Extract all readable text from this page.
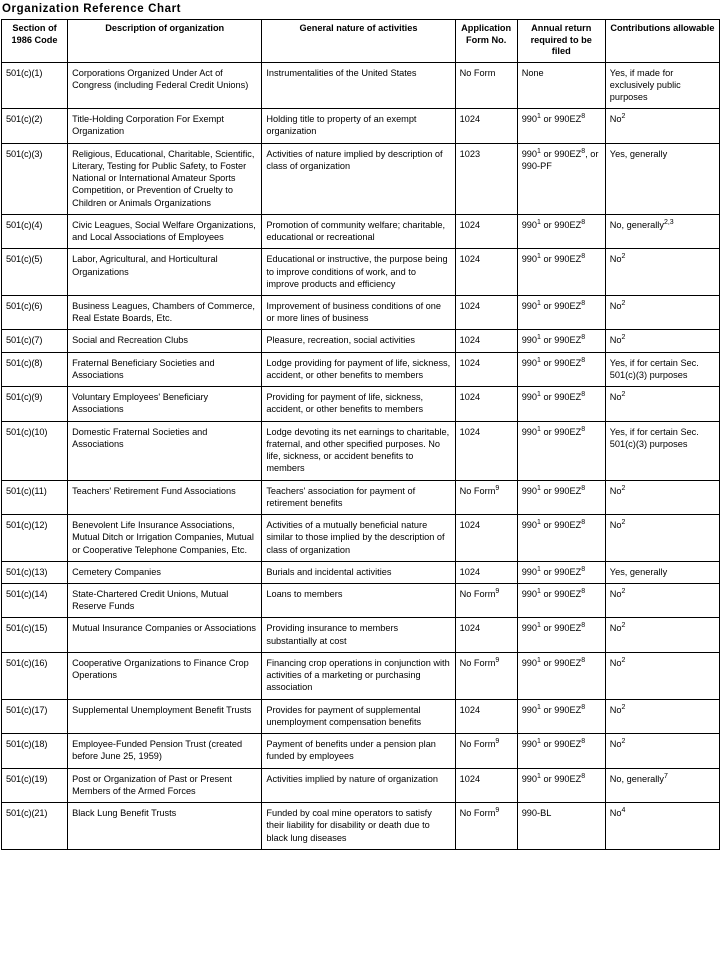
Organization Reference Chart
Section of 1986 Code	Description of organization	General nature of activities	Application Form No.	Annual return required to be filed	Contributions allowable
501(c)(1)	Corporations Organized Under Act of Congress (including Federal Credit Unions)	Instrumentalities of the United States	No Form	None	Yes, if made for exclusively public purposes
501(c)(2)	Title-Holding Corporation For Exempt Organization	Holding title to property of an exempt organization	1024	$990^1$ or $990EZ^8$	No$^2$
501(c)(3)	Religious, Educational, Charitable, Scientific, Literary, Testing for Public Safety, to Foster National or International Amateur Sports Competition, or Prevention of Cruelty to Children or Animals Organizations	Activities of nature implied by description of class of organization	1023	$990^1$ or $990EZ^8$, or 990-PF	Yes, generally
501(c)(4)	Civic Leagues, Social Welfare Organizations, and Local Associations of Employees	Promotion of community welfare; charitable, educational or recreational	1024	$990^1$ or $990EZ^8$	No, generally$^{2,3}$
501(c)(5)	Labor, Agricultural, and Horticultural Organizations	Educational or instructive, the purpose being to improve conditions of work, and to improve products and efficiency	1024	$990^1$ or $990EZ^8$	No$^2$
501(c)(6)	Business Leagues, Chambers of Commerce, Real Estate Boards, Etc.	Improvement of business conditions of one or more lines of business	1024	$990^1$ or $990EZ^8$	No$^2$
501(c)(7)	Social and Recreation Clubs	Pleasure, recreation, social activities	1024	$990^1$ or $990EZ^8$	No$^2$
501(c)(8)	Fraternal Beneficiary Societies and Associations	Lodge providing for payment of life, sickness, accident, or other benefits to members	1024	$990^1$ or $990EZ^8$	Yes, if for certain Sec. 501(c)(3) purposes
501(c)(9)	Voluntary Employees' Beneficiary Associations	Providing for payment of life, sickness, accident, or other benefits to members	1024	$990^1$ or $990EZ^8$	No$^2$
501(c)(10)	Domestic Fraternal Societies and Associations	Lodge devoting its net earnings to charitable, fraternal, and other specified purposes. No life, sickness, or accident benefits to members	1024	$990^1$ or $990EZ^8$	Yes, if for certain Sec. 501(c)(3) purposes
501(c)(11)	Teachers' Retirement Fund Associations	Teachers' association for payment of retirement benefits	No Form$^9$	$990^1$ or $990EZ^8$	No$^2$
501(c)(12)	Benevolent Life Insurance Associations, Mutual Ditch or Irrigation Companies, Mutual or Cooperative Telephone Companies, Etc.	Activities of a mutually beneficial nature similar to those implied by the description of class of organization	1024	$990^1$ or $990EZ^8$	No$^2$
501(c)(13)	Cemetery Companies	Burials and incidental activities	1024	$990^1$ or $990EZ^8$	Yes, generally
501(c)(14)	State-Chartered Credit Unions, Mutual Reserve Funds	Loans to members	No Form$^9$	$990^1$ or $990EZ^8$	No$^2$
501(c)(15)	Mutual Insurance Companies or Associations	Providing insurance to members substantially at cost	1024	$990^1$ or $990EZ^8$	No$^2$
501(c)(16)	Cooperative Organizations to Finance Crop Operations	Financing crop operations in conjunction with activities of a marketing or purchasing association	No Form$^9$	$990^1$ or $990EZ^8$	No$^2$
501(c)(17)	Supplemental Unemployment Benefit Trusts	Provides for payment of supplemental unemployment compensation benefits	1024	$990^1$ or $990EZ^8$	No$^2$
501(c)(18)	Employee-Funded Pension Trust (created before June 25, 1959)	Payment of benefits under a pension plan funded by employees	No Form$^9$	$990^1$ or $990EZ^8$	No$^2$
501(c)(19)	Post or Organization of Past or Present Members of the Armed Forces	Activities implied by nature of organization	1024	$990^1$ or $990EZ^8$	No, generally$^7$
501(c)(21)	Black Lung Benefit Trusts	Funded by coal mine operators to satisfy their liability for disability or death due to black lung diseases	No Form$^9$	990-BL	No$^4$
